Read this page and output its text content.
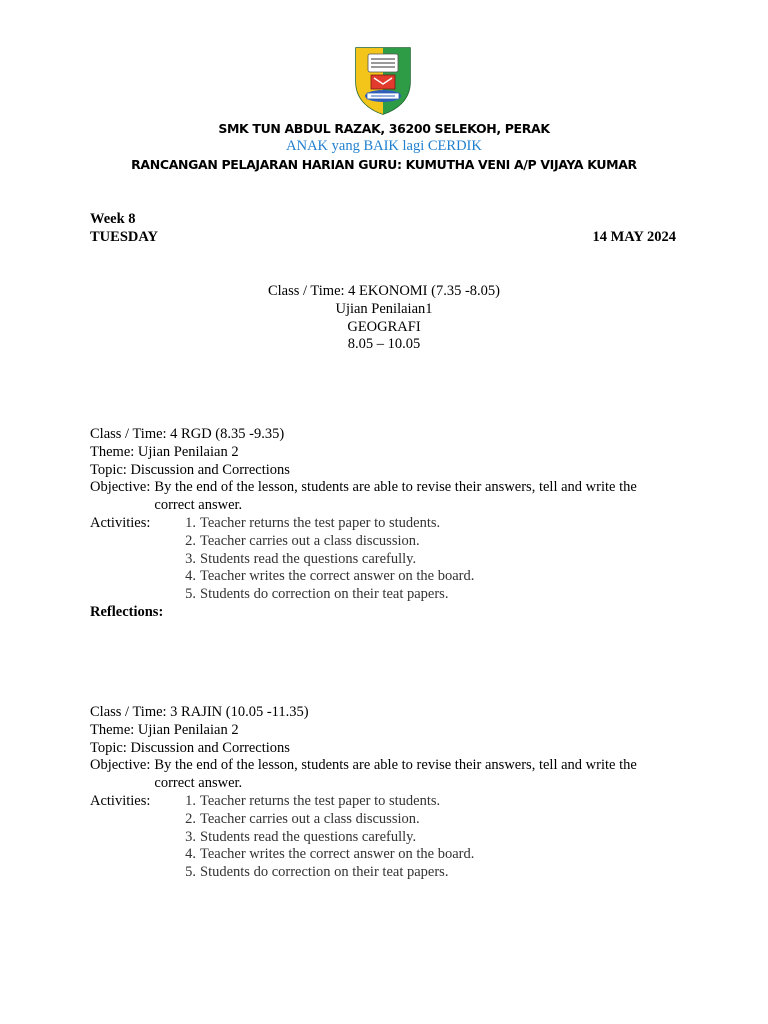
SMK TUN ABDUL RAZAK, 36200 SELEKOH, PERAK
ANAK yang BAIK lagi CERDIK
RANCANGAN PELAJARAN HARIAN GURU: KUMUTHA VENI A/P VIJAYA KUMAR
Week 8
TUESDAY	14 MAY 2024
Class / Time: 4 EKONOMI (7.35 -8.05)
Ujian Penilaian1
GEOGRAFI
8.05 – 10.05
Class / Time: 4 RGD (8.35 -9.35)
Theme: Ujian Penilaian 2
Topic: Discussion and Corrections
Objective: By the end of the lesson, students are able to revise their answers, tell and write the
correct answer.
Activities:	1. Teacher returns the test paper to students.
2. Teacher carries out a class discussion.
3. Students read the questions carefully.
4. Teacher writes the correct answer on the board.
5. Students do correction on their teat papers.
Reflections:
Class / Time: 3 RAJIN (10.05 -11.35)
Theme: Ujian Penilaian 2
Topic: Discussion and Corrections
Objective: By the end of the lesson, students are able to revise their answers, tell and write the
correct answer.
Activities:	1. Teacher returns the test paper to students.
2. Teacher carries out a class discussion.
3. Students read the questions carefully.
4. Teacher writes the correct answer on the board.
5. Students do correction on their teat papers.
